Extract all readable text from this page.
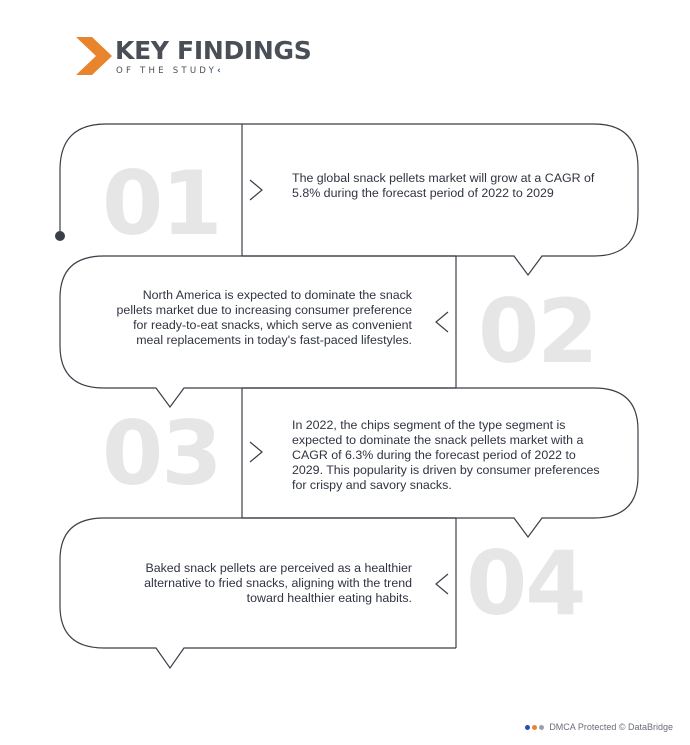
KEY FINDINGS
OF THE STUDY‹
01
02
03
04
The global snack pellets market will grow at a CAGR of 5.8% during the forecast period of 2022 to 2029
North America is expected to dominate the snack pellets market due to increasing consumer preference for ready-to-eat snacks, which serve as convenient meal replacements in today's fast-paced lifestyles.
In 2022, the chips segment of the type segment is expected to dominate the snack pellets market with a CAGR of 6.3% during the forecast period of 2022 to 2029. This popularity is driven by consumer preferences for crispy and savory snacks.
Baked snack pellets are perceived as a healthier alternative to fried snacks, aligning with the trend toward healthier eating habits.
DMCA Protected © DataBridge
